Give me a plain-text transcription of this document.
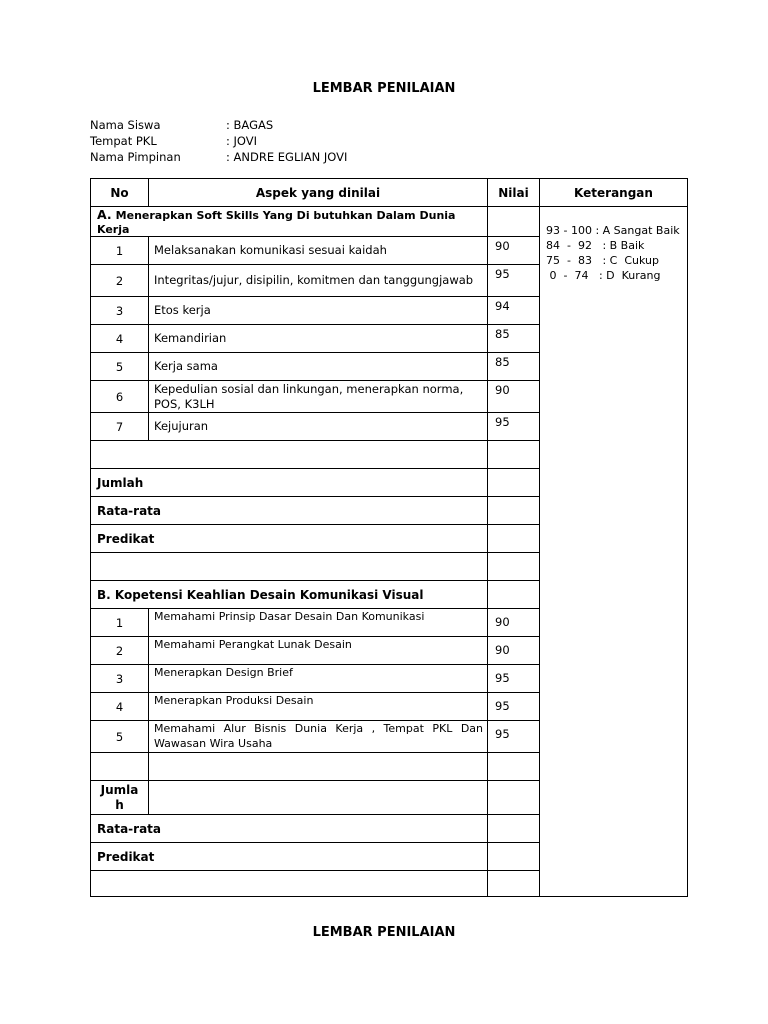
LEMBAR PENILAIAN
Nama Siswa	: BAGAS
Tempat PKL	: JOVI
Nama Pimpinan	: ANDRE EGLIAN JOVI
No	Aspek yang dinilai	Nilai	Keterangan
A. Menerapkan Soft Skills Yang Di butuhkan Dalam Dunia Kerja			93 - 100 : A Sangat Baik
84  -  92   : B Baik
75  -  83   : C  Cukup
0  -  74   : D  Kurang

1	Melaksanakan komunikasi sesuai kaidah	90	
2	Integritas/jujur, disipilin, komitmen dan tanggungjawab	95	
3	Etos kerja	94	
4	Kemandirian	85	
5	Kerja sama	85	
6	Kepedulian sosial dan linkungan, menerapkan norma, POS, K3LH	90	
7	Kejujuran	95	

Jumlah			
Rata-rata			
Predikat			

B. Kopetensi Keahlian Desain Komunikasi Visual			
1	Memahami Prinsip Dasar Desain Dan Komunikasi	90	
2	Memahami Perangkat Lunak Desain	90	
3	Menerapkan Design Brief	95	
4	Menerapkan Produksi Desain	95	
5	Memahami Alur Bisnis Dunia Kerja , Tempat PKL Dan Wawasan Wira Usaha	95	

Jumla
h			

Rata-rata			
Predikat			

LEMBAR PENILAIAN
